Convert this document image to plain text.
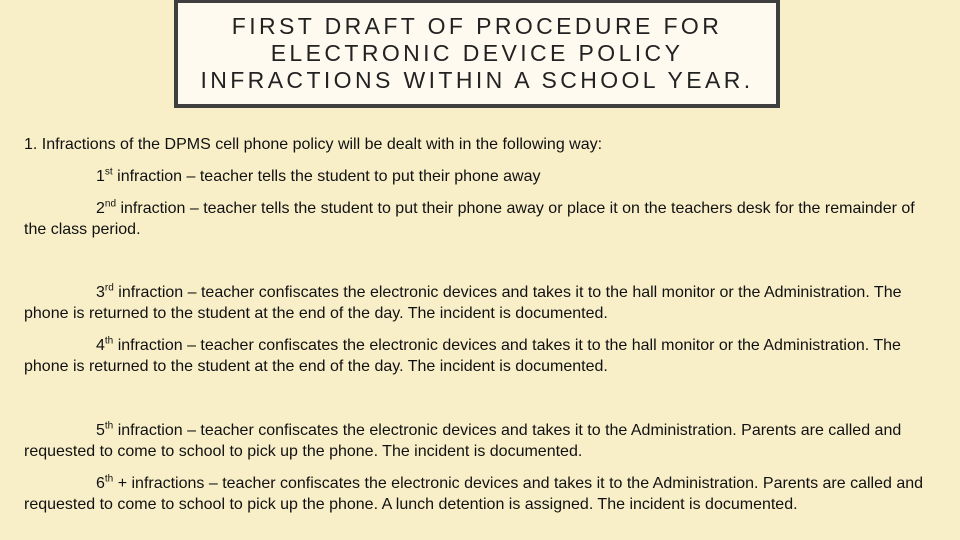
FIRST DRAFT OF PROCEDURE FOR ELECTRONIC DEVICE POLICY INFRACTIONS WITHIN A SCHOOL YEAR.

1. Infractions of the DPMS cell phone policy will be dealt with in the following way:

1st infraction – teacher tells the student to put their phone away

2nd infraction – teacher tells the student to put their phone away or place it on the teachers desk for the remainder of the class period.

3rd infraction – teacher confiscates the electronic devices and takes it to the hall monitor or the Administration. The phone is returned to the student at the end of the day. The incident is documented.

4th infraction – teacher confiscates the electronic devices and takes it to the hall monitor or the Administration. The phone is returned to the student at the end of the day. The incident is documented.

5th infraction – teacher confiscates the electronic devices and takes it to the Administration. Parents are called and requested to come to school to pick up the phone. The incident is documented.

6th + infractions – teacher confiscates the electronic devices and takes it to the Administration. Parents are called and requested to come to school to pick up the phone. A lunch detention is assigned. The incident is documented.
